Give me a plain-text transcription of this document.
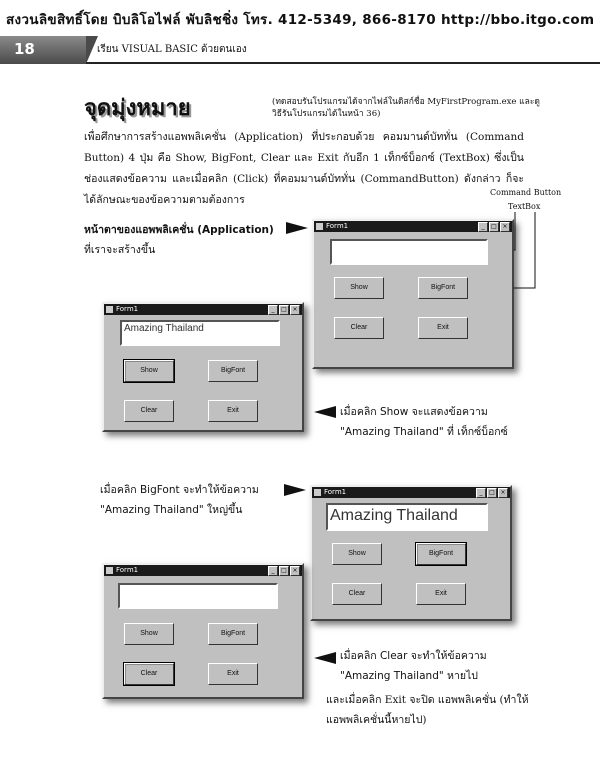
สงวนลิขสิทธิ์โดย บิบลิโอไฟล์ พับลิชชิ่ง โทร. 412-5349, 866-8170 http://bbo.itgo.com
18	เรียน VISUAL BASIC ด้วยตนเอง
จุดมุ่งหมาย	(ทดสอบรันโปรแกรมได้จากไฟล์ในดิสก์ชื่อ MyFirstProgram.exe และดูวิธีรันโปรแกรมได้ในหน้า 36)
เพื่อศึกษาการสร้างแอพพลิเคชั่น (Application) ที่ประกอบด้วย คอมมานด์บัททั่น (Command Button) 4 ปุ่ม คือ Show, BigFont, Clear และ Exit กับอีก 1 เท็กซ์บ็อกซ์ (TextBox) ซึ่งเป็นช่องแสดงข้อความ และเมื่อคลิก (Click) ที่คอมมานด์บัททั่น (CommandButton) ดังกล่าว ก็จะได้ลักษณะของข้อความตามต้องการ
Command Button
TextBox
หน้าตาของแอพพลิเคชั่น (Application)
ที่เราจะสร้างขึ้น
Form1	_	□ ×
Show	BigFont
Clear	Exit
Form1	_	□ ×
Amazing Thailand
Show	BigFont
Clear	Exit	เมื่อคลิก Show จะแสดงข้อความ
"Amazing Thailand" ที่ เท็กซ์บ็อกซ์
เมื่อคลิก BigFont จะทำให้ข้อความ
"Amazing Thailand" ใหญ่ขึ้น
Form1	_	□ ×
Amazing Thailand
Show	BigFont
Clear	Exit
Form1	_	□ ×
Show	BigFont
Clear	Exit
เมื่อคลิก Clear จะทำให้ข้อความ
"Amazing Thailand" หายไป
และเมื่อคลิก Exit จะปิด แอพพลิเคชั่น (ทำให้
แอพพลิเคชั่นนี้หายไป)
